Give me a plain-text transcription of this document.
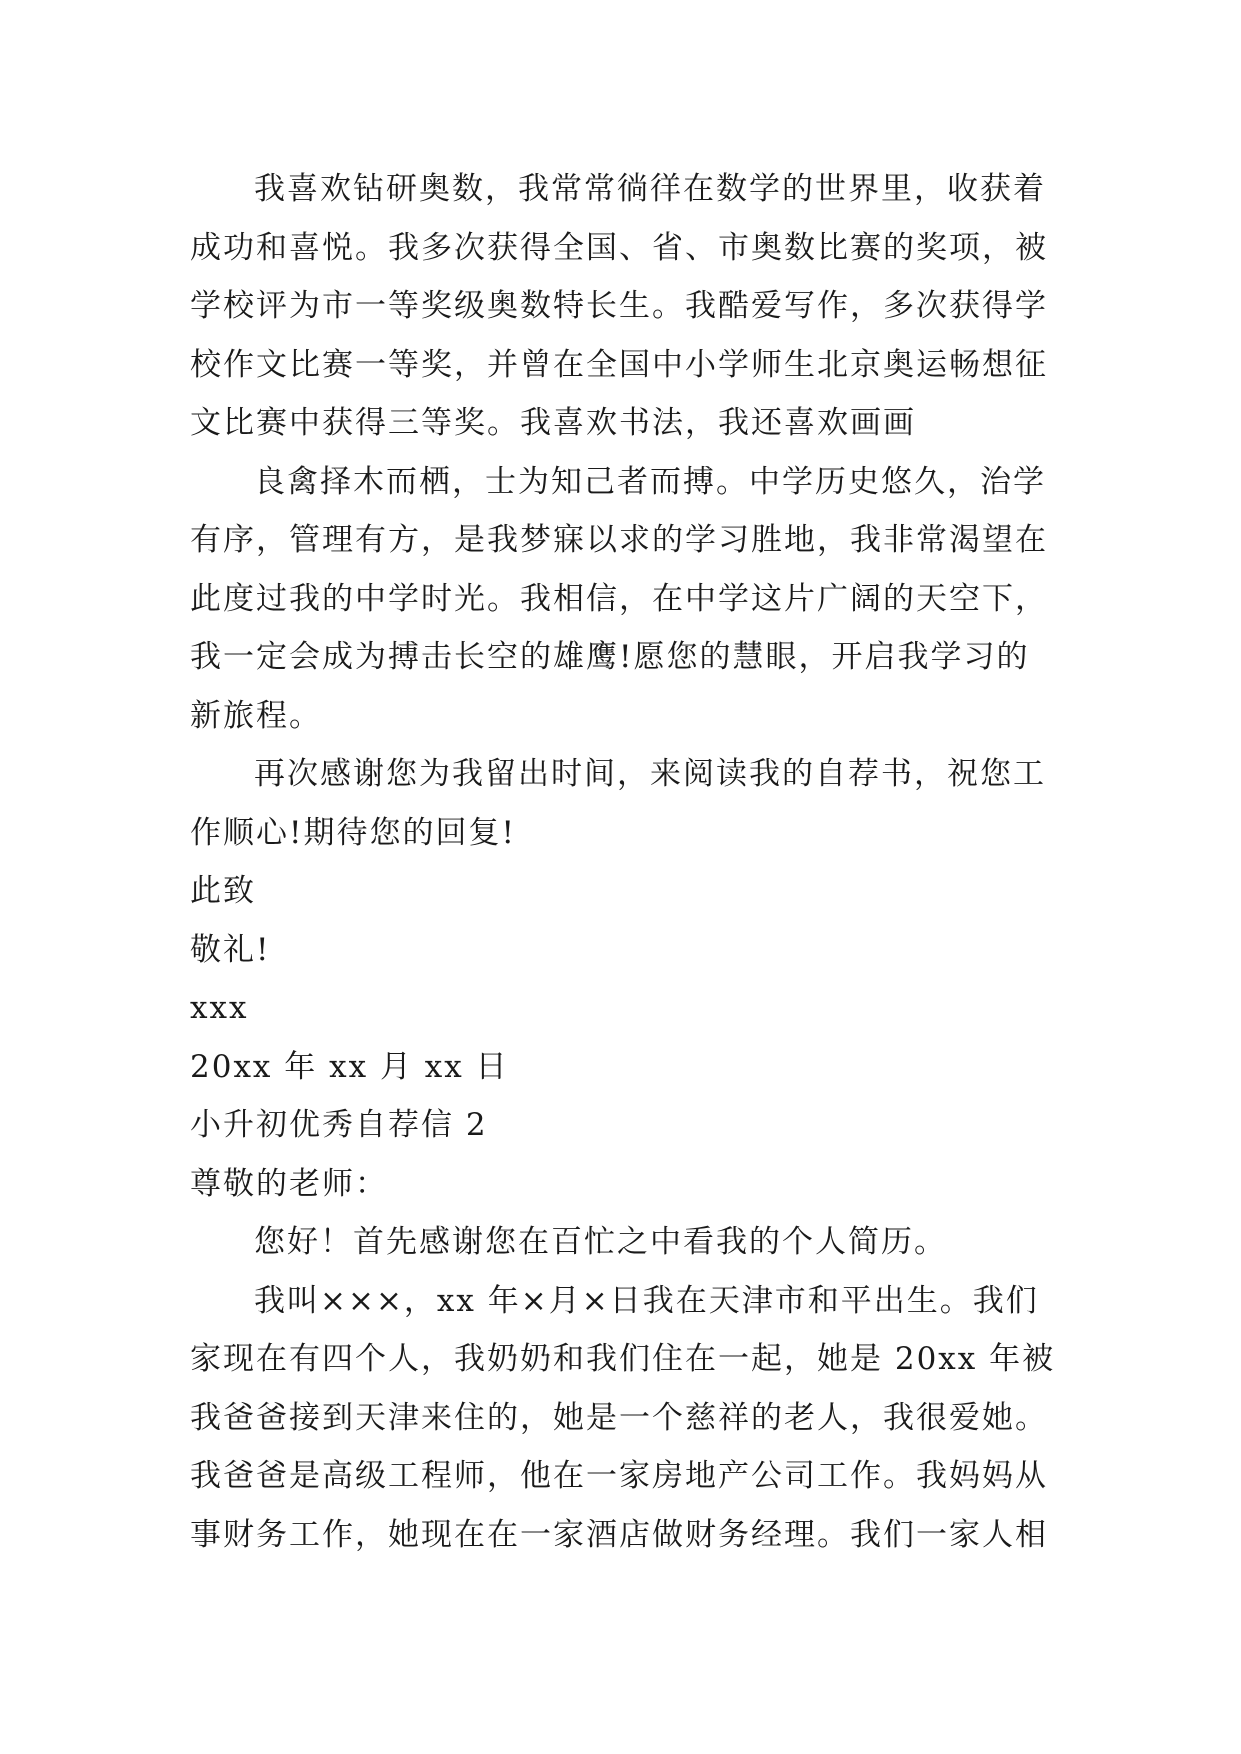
我喜欢钻研奥数，我常常徜徉在数学的世界里，收获着
成功和喜悦。我多次获得全国、省、市奥数比赛的奖项，被
学校评为市一等奖级奥数特长生。我酷爱写作，多次获得学
校作文比赛一等奖，并曾在全国中小学师生北京奥运畅想征
文比赛中获得三等奖。我喜欢书法，我还喜欢画画
良禽择木而栖，士为知己者而搏。中学历史悠久，治学
有序，管理有方，是我梦寐以求的学习胜地，我非常渴望在
此度过我的中学时光。我相信，在中学这片广阔的天空下，
我一定会成为搏击长空的雄鹰!愿您的慧眼，开启我学习的
新旅程。
再次感谢您为我留出时间，来阅读我的自荐书，祝您工
作顺心!期待您的回复!
此致
敬礼!
xxx
20xx 年 xx 月 xx 日
小升初优秀自荐信 2
尊敬的老师：
您好！首先感谢您在百忙之中看我的个人简历。
我叫×××，xx 年×月×日我在天津市和平出生。我们
家现在有四个人，我奶奶和我们住在一起，她是 20xx 年被
我爸爸接到天津来住的，她是一个慈祥的老人，我很爱她。
我爸爸是高级工程师，他在一家房地产公司工作。我妈妈从
事财务工作，她现在在一家酒店做财务经理。我们一家人相
